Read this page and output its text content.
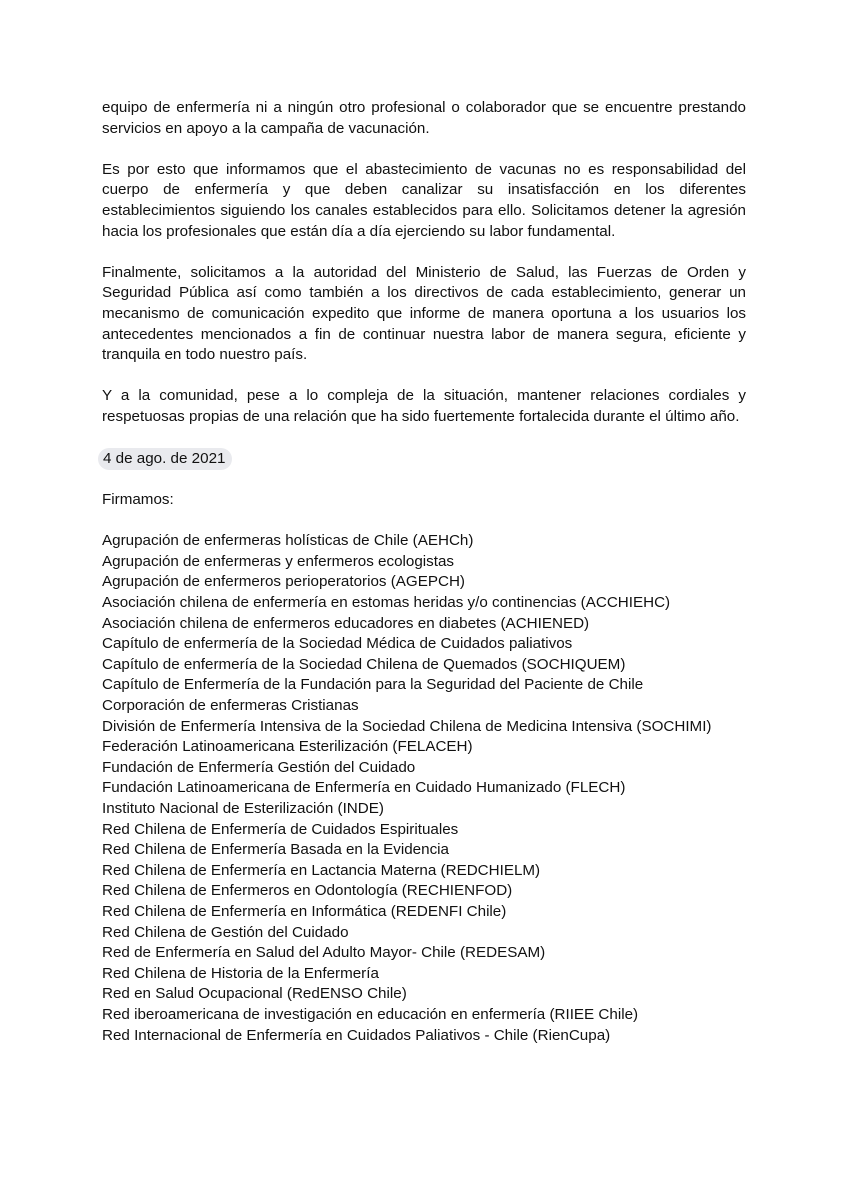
equipo de enfermería ni a ningún otro profesional o colaborador que se encuentre prestando servicios en apoyo a la campaña de vacunación.

Es por esto que informamos que el abastecimiento de vacunas no es responsabilidad del cuerpo de enfermería y que deben canalizar su insatisfacción en los diferentes establecimientos siguiendo los canales establecidos para ello. Solicitamos detener la agresión hacia los profesionales que están día a día ejerciendo su labor fundamental.

Finalmente, solicitamos a la autoridad del Ministerio de Salud, las Fuerzas de Orden y Seguridad Pública así como también a los directivos de cada establecimiento, generar un mecanismo de comunicación expedito que informe de manera oportuna a los usuarios los antecedentes mencionados a fin de continuar nuestra labor de manera segura, eficiente y tranquila en todo nuestro país.

Y a la comunidad, pese a lo compleja de la situación, mantener relaciones cordiales y respetuosas propias de una relación que ha sido fuertemente fortalecida durante el último año.

4 de ago. de 2021

Firmamos:

Agrupación de enfermeras holísticas de Chile (AEHCh)
Agrupación de enfermeras y enfermeros ecologistas
Agrupación de enfermeros perioperatorios (AGEPCH)
Asociación chilena de enfermería en estomas heridas y/o continencias (ACCHIEHC)
Asociación chilena de enfermeros educadores en diabetes (ACHIENED)
Capítulo de enfermería de la Sociedad Médica de Cuidados paliativos
Capítulo de enfermería de la Sociedad Chilena de Quemados (SOCHIQUEM)
Capítulo de Enfermería de la Fundación para la Seguridad del Paciente de Chile
Corporación de enfermeras Cristianas
División de Enfermería Intensiva de la Sociedad Chilena de Medicina Intensiva (SOCHIMI)
Federación Latinoamericana Esterilización (FELACEH)
Fundación de Enfermería Gestión del Cuidado
Fundación Latinoamericana de Enfermería en Cuidado Humanizado (FLECH)
Instituto Nacional de Esterilización (INDE)
Red Chilena de Enfermería de Cuidados Espirituales
Red Chilena de Enfermería Basada en la Evidencia
Red Chilena de Enfermería en Lactancia Materna (REDCHIELM)
Red Chilena de Enfermeros en Odontología (RECHIENFOD)
Red Chilena de Enfermería en Informática (REDENFI Chile)
Red Chilena de Gestión del Cuidado
Red de Enfermería en Salud del Adulto Mayor- Chile (REDESAM)
Red Chilena de Historia de la Enfermería
Red en Salud Ocupacional (RedENSO Chile)
Red iberoamericana de investigación en educación en enfermería (RIIEE Chile)
Red Internacional de Enfermería en Cuidados Paliativos - Chile (RienCupa)
